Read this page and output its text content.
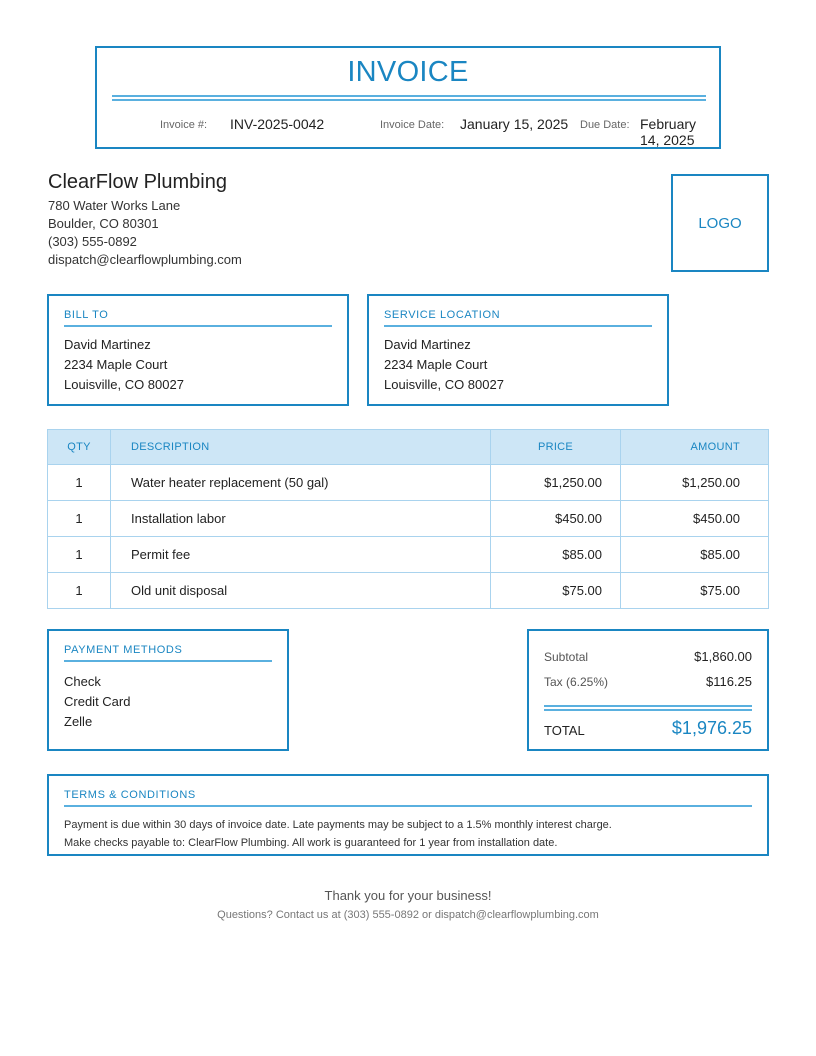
INVOICE
Invoice #: INV-2025-0042	Invoice Date: January 15, 2025 Due Date: February 14, 2025
ClearFlow Plumbing
780 Water Works Lane
Boulder, CO 80301
(303) 555-0892
dispatch@clearflowplumbing.com
LOGO
BILL TO
David Martinez
2234 Maple Court
Louisville, CO 80027
SERVICE LOCATION
David Martinez
2234 Maple Court
Louisville, CO 80027
QTY	DESCRIPTION	PRICE	AMOUNT
1	Water heater replacement (50 gal)	$1,250.00	$1,250.00
1	Installation labor	$450.00	$450.00
1	Permit fee	$85.00	$85.00
1	Old unit disposal	$75.00	$75.00
PAYMENT METHODS
Check
Credit Card
Zelle
Subtotal	$1,860.00
Tax (6.25%)	$116.25
TOTAL	$1,976.25
TERMS & CONDITIONS
Payment is due within 30 days of invoice date. Late payments may be subject to a 1.5% monthly interest charge.
Make checks payable to: ClearFlow Plumbing. All work is guaranteed for 1 year from installation date.
Thank you for your business!
Questions? Contact us at (303) 555-0892 or dispatch@clearflowplumbing.com
